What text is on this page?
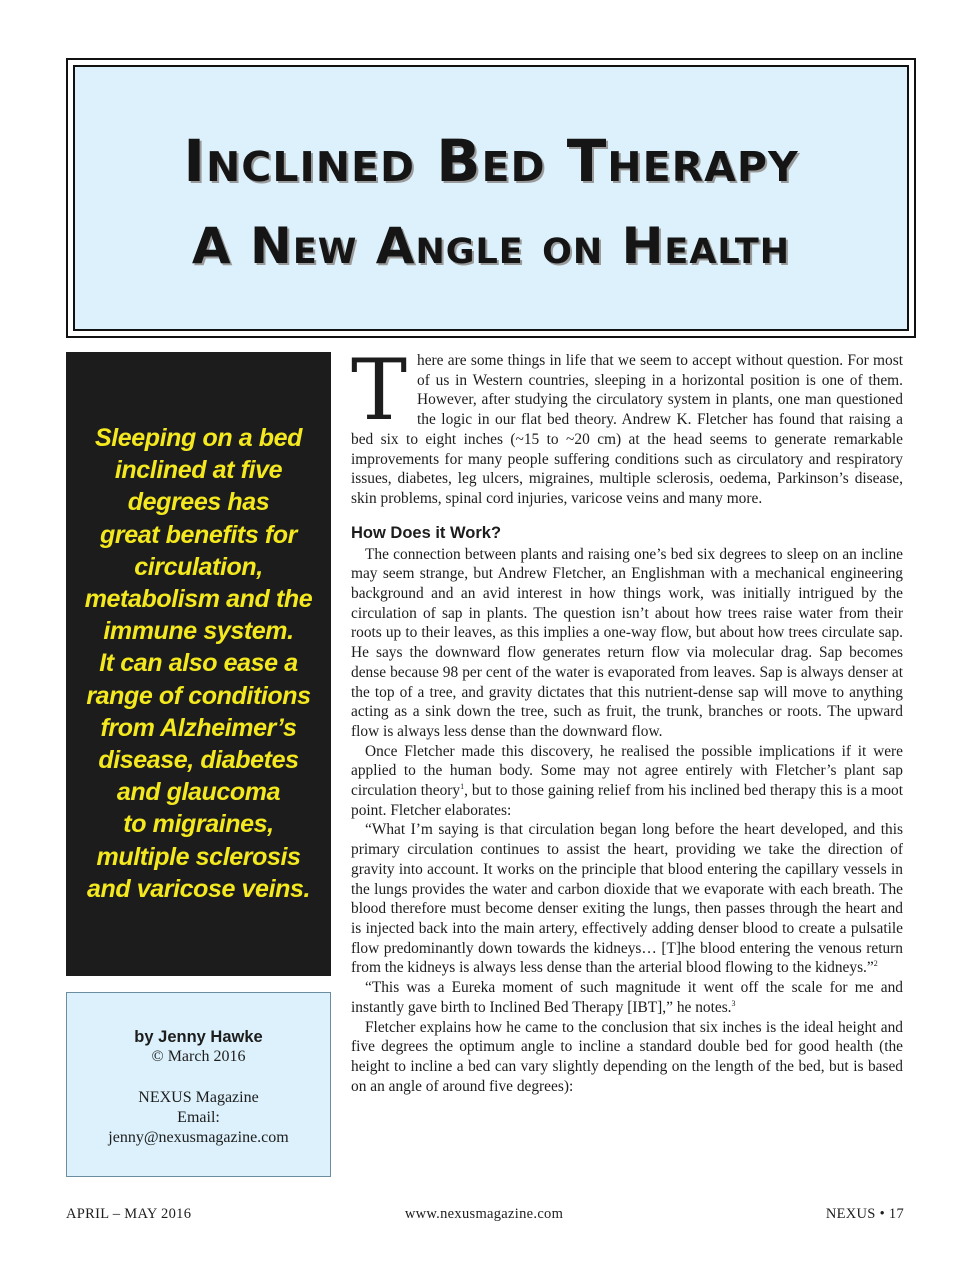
Inclined Bed Therapy
A New Angle on Health
Sleeping on a bed
inclined at five
degrees has
great benefits for
circulation,
metabolism and the
immune system.
It can also ease a
range of conditions
from Alzheimer’s
disease, diabetes
and glaucoma
to migraines,
multiple sclerosis
and varicose veins.
by Jenny Hawke
© March 2016
NEXUS Magazine
Email:
jenny@nexusmagazine.com

There are some things in life that we seem to accept without question. For most of us in Western countries, sleeping in a horizontal position is one of them. However, after studying the circulatory system in plants, one man questioned the logic in our flat bed theory. Andrew K. Fletcher has found that raising a bed six to eight inches (~15 to ~20 cm) at the head seems to generate remarkable improvements for many people suffering conditions such as circulatory and respiratory issues, diabetes, leg ulcers, migraines, multiple sclerosis, oedema, Parkinson’s disease, skin problems, spinal cord injuries, varicose veins and many more.

How Does it Work?

The connection between plants and raising one’s bed six degrees to sleep on an incline may seem strange, but Andrew Fletcher, an Englishman with a mechanical engineering background and an avid interest in how things work, was initially intrigued by the circulation of sap in plants. The question isn’t about how trees raise water from their roots up to their leaves, as this implies a one-way flow, but about how trees circulate sap. He says the downward flow generates return flow via molecular drag. Sap becomes dense because 98 per cent of the water is evaporated from leaves. Sap is always denser at the top of a tree, and gravity dictates that this nutrient-dense sap will move to anything acting as a sink down the tree, such as fruit, the trunk, branches or roots. The upward flow is always less dense than the downward flow.

Once Fletcher made this discovery, he realised the possible implications if it were applied to the human body. Some may not agree entirely with Fletcher’s plant sap circulation theory$^1$, but to those gaining relief from his inclined bed therapy this is a moot point. Fletcher elaborates:

“What I’m saying is that circulation began long before the heart developed, and this primary circulation continues to assist the heart, providing we take the direction of gravity into account. It works on the principle that blood entering the capillary vessels in the lungs provides the water and carbon dioxide that we evaporate with each breath. The blood therefore must become denser exiting the lungs, then passes through the heart and is injected back into the main artery, effectively adding denser blood to create a pulsatile flow predominantly down towards the kidneys… [T]he blood entering the venous return from the kidneys is always less dense than the arterial blood flowing to the kidneys.”$^2$

“This was a Eureka moment of such magnitude it went off the scale for me and instantly gave birth to Inclined Bed Therapy [IBT],” he notes.$^3$

Fletcher explains how he came to the conclusion that six inches is the ideal height and five degrees the optimum angle to incline a standard double bed for good health (the height to incline a bed can vary slightly depending on the length of the bed, but is based on an angle of around five degrees):

APRIL – MAY 2016	www.nexusmagazine.com	NEXUS • 17
